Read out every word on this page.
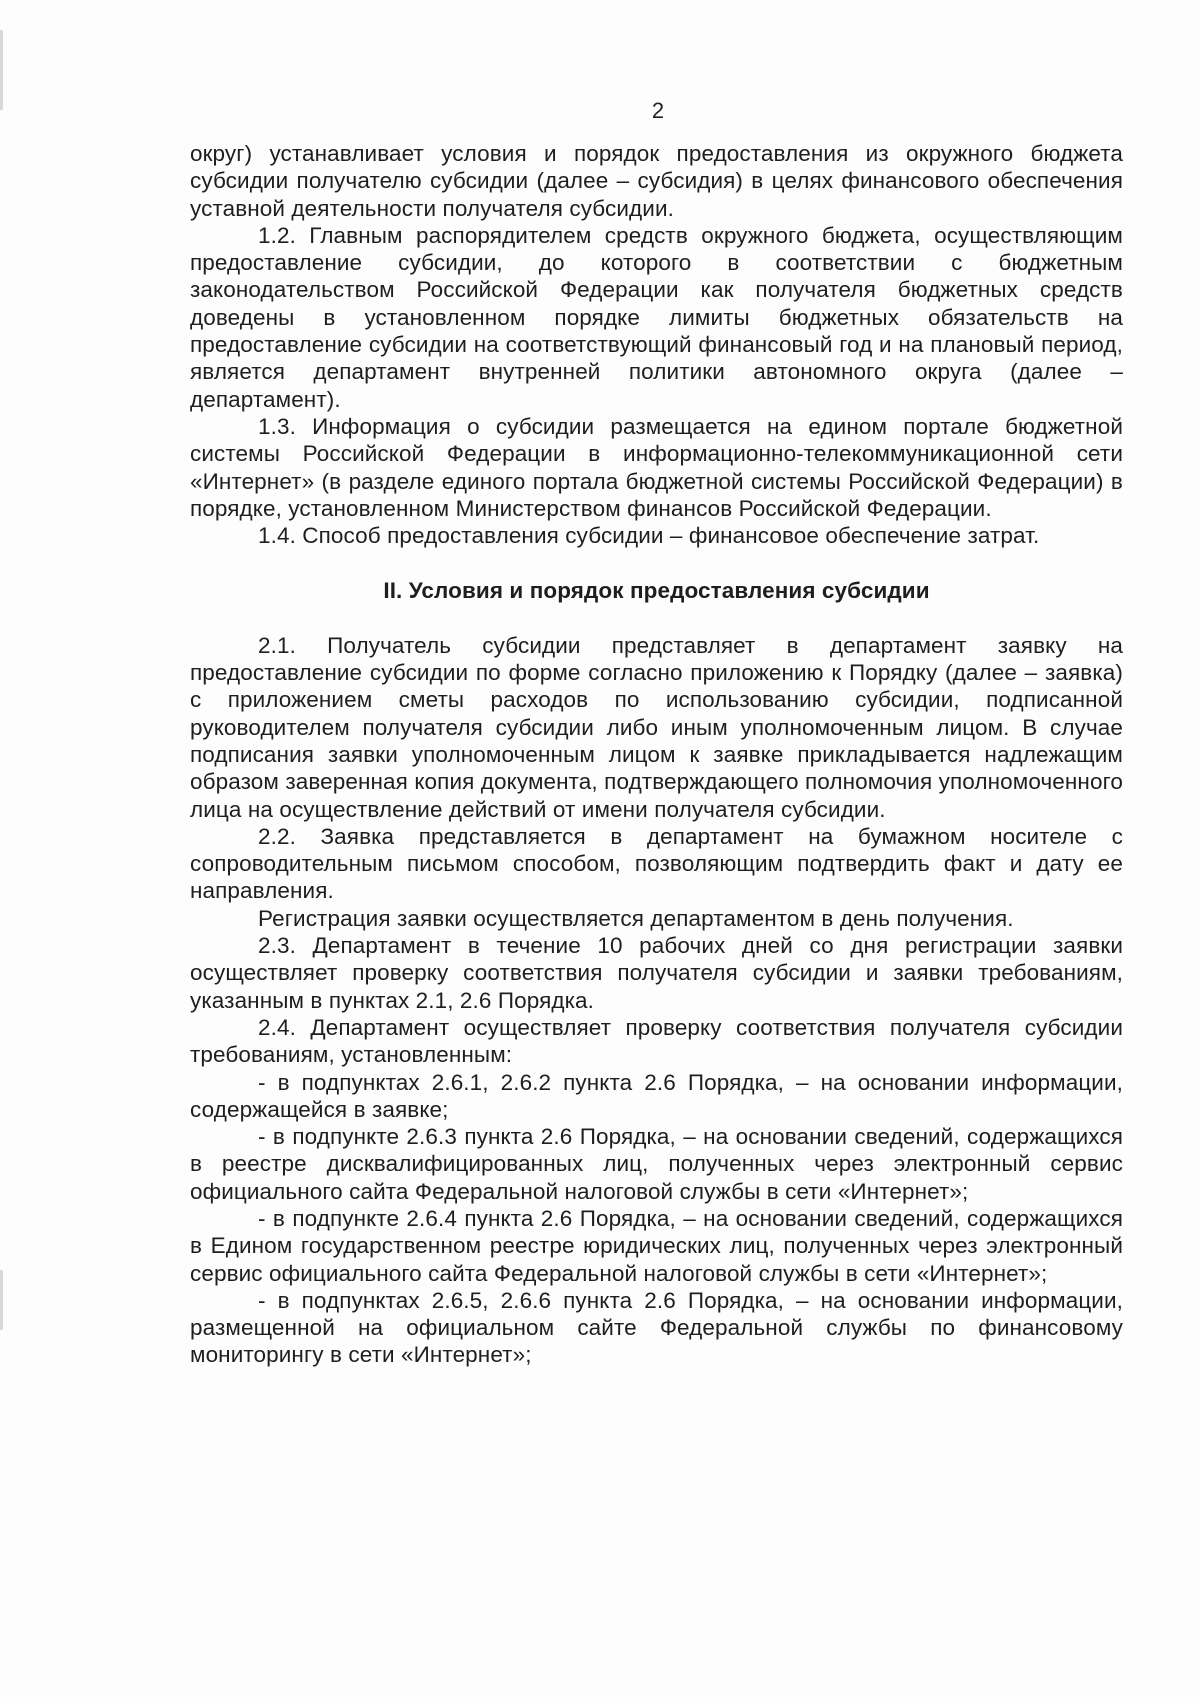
2

округ) устанавливает условия и порядок предоставления из окружного бюджета субсидии получателю субсидии (далее – субсидия) в целях финансового обеспечения уставной деятельности получателя субсидии.

1.2. Главным распорядителем средств окружного бюджета, осуществляющим предоставление субсидии, до которого в соответствии с бюджетным законодательством Российской Федерации как получателя бюджетных средств доведены в установленном порядке лимиты бюджетных обязательств на предоставление субсидии на соответствующий финансовый год и на плановый период, является департамент внутренней политики автономного округа (далее – департамент).

1.3. Информация о субсидии размещается на едином портале бюджетной системы Российской Федерации в информационно-телекоммуникационной сети «Интернет» (в разделе единого портала бюджетной системы Российской Федерации) в порядке, установленном Министерством финансов Российской Федерации.

1.4. Способ предоставления субсидии – финансовое обеспечение затрат.

II. Условия и порядок предоставления субсидии

2.1. Получатель субсидии представляет в департамент заявку на предоставление субсидии по форме согласно приложению к Порядку (далее – заявка) с приложением сметы расходов по использованию субсидии, подписанной руководителем получателя субсидии либо иным уполномоченным лицом. В случае подписания заявки уполномоченным лицом к заявке прикладывается надлежащим образом заверенная копия документа, подтверждающего полномочия уполномоченного лица на осуществление действий от имени получателя субсидии.

2.2. Заявка представляется в департамент на бумажном носителе с сопроводительным письмом способом, позволяющим подтвердить факт и дату ее направления.

Регистрация заявки осуществляется департаментом в день получения.

2.3. Департамент в течение 10 рабочих дней со дня регистрации заявки осуществляет проверку соответствия получателя субсидии и заявки требованиям, указанным в пунктах 2.1, 2.6 Порядка.

2.4. Департамент осуществляет проверку соответствия получателя субсидии требованиям, установленным:

- в подпунктах 2.6.1, 2.6.2 пункта 2.6 Порядка, – на основании информации, содержащейся в заявке;

- в подпункте 2.6.3 пункта 2.6 Порядка, – на основании сведений, содержащихся в реестре дисквалифицированных лиц, полученных через электронный сервис официального сайта Федеральной налоговой службы в сети «Интернет»;

- в подпункте 2.6.4 пункта 2.6 Порядка, – на основании сведений, содержащихся в Едином государственном реестре юридических лиц, полученных через электронный сервис официального сайта Федеральной налоговой службы в сети «Интернет»;

- в подпунктах 2.6.5, 2.6.6 пункта 2.6 Порядка, – на основании информации, размещенной на официальном сайте Федеральной службы по финансовому мониторингу в сети «Интернет»;
